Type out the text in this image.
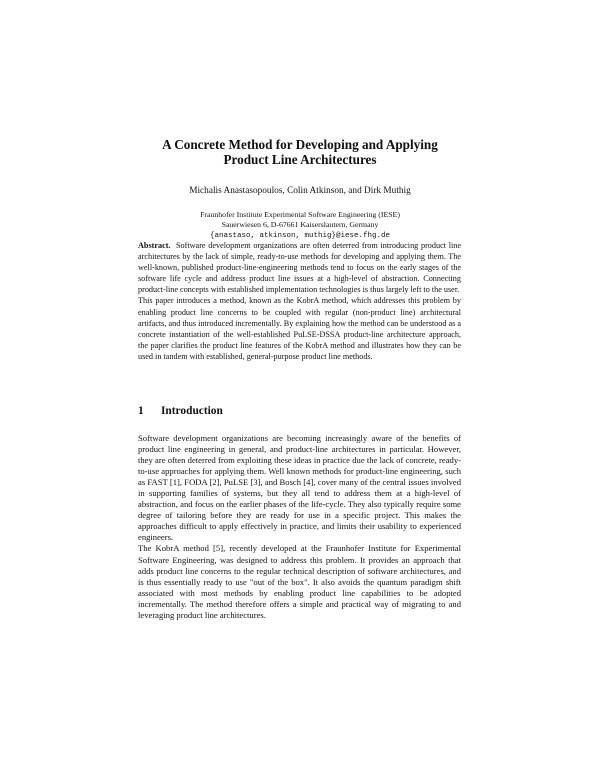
A Concrete Method for Developing and Applying
Product Line Architectures
Michalis Anastasopoulos, Colin Atkinson, and Dirk Muthig
Fraunhofer Institute Experimental Software Engineering (IESE)
Sauerwiesen 6, D-67661 Kaiserslautern, Germany
{anastaso, atkinson, muthig}@iese.fhg.de

Abstract. Software development organizations are often deterred from introducing product line architectures by the lack of simple, ready-to-use methods for developing and applying them. The well-known, published product-line-engineering methods tend to focus on the early stages of the software life cycle and address product line issues at a high-level of abstraction. Connecting product-line concepts with established implementation technologies is thus largely left to the user.

This paper introduces a method, known as the KobrA method, which addresses this problem by enabling product line concerns to be coupled with regular (non-product line) architectural artifacts, and thus introduced incrementally. By explaining how the method can be understood as a concrete instantiation of the well-established PuLSE-DSSA product-line architecture approach, the paper clarifies the product line features of the KobrA method and illustrates how they can be used in tandem with established, general-purpose product line methods.

1 Introduction

Software development organizations are becoming increasingly aware of the benefits of product line engineering in general, and product-line architectures in particular. However, they are often deterred from exploiting these ideas in practice due the lack of concrete, ready-to-use approaches for applying them. Well known methods for product-line engineering, such as FAST [1], FODA [2], PuLSE [3], and Bosch [4], cover many of the central issues involved in supporting families of systems, but they all tend to address them at a high-level of abstraction, and focus on the earlier phases of the life-cycle. They also typically require some degree of tailoring before they are ready for use in a specific project. This makes the approaches difficult to apply effectively in practice, and limits their usability to experienced engineers.

The KobrA method [5], recently developed at the Fraunhofer Institute for Experimental Software Engineering, was designed to address this problem. It provides an approach that adds product line concerns to the regular technical description of software architectures, and is thus essentially ready to use "out of the box". It also avoids the quantum paradigm shift associated with most methods by enabling product line capabilities to be adopted incrementally. The method therefore offers a simple and practical way of migrating to and leveraging product line architectures.
